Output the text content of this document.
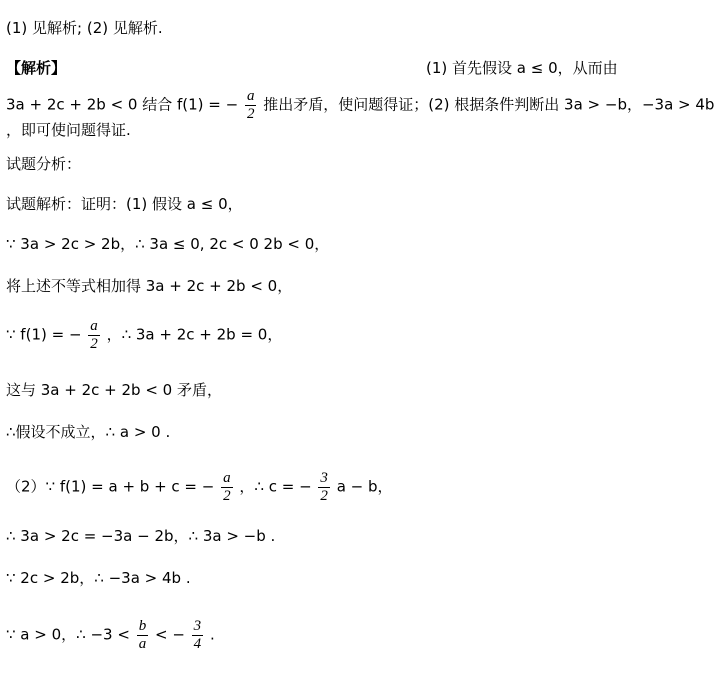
(1) 见解析; (2) 见解析.
【解析】	(1) 首先假设 a ≤ 0，从而由
3a + 2c + 2b < 0 结合 f(1) = − $\frac{a}{2}$ 推出矛盾，使问题得证；(2) 根据条件判断出 3a > −b，−3a > 4b
，即可使问题得证.
试题分析：
试题解析：证明：(1) 假设 a ≤ 0，
∵ 3a > 2c > 2b，∴ 3a ≤ 0, 2c < 0 2b < 0，
将上述不等式相加得 3a + 2c + 2b < 0，
∵ f(1) = − $\frac{a}{2}$ ，∴ 3a + 2c + 2b = 0，
这与 3a + 2c + 2b < 0 矛盾，
∴假设不成立，∴ a > 0 .
（2）∵ f(1) = a + b + c = − $\frac{a}{2}$ ，∴ c = − $\frac{3}{2}$ a − b，
∴ 3a > 2c = −3a − 2b，∴ 3a > −b .
∵ 2c > 2b，∴ −3a > 4b .
∵ a > 0，∴ $-3 < \frac{b}{a}$ < − $\frac{3}{4}$ .
